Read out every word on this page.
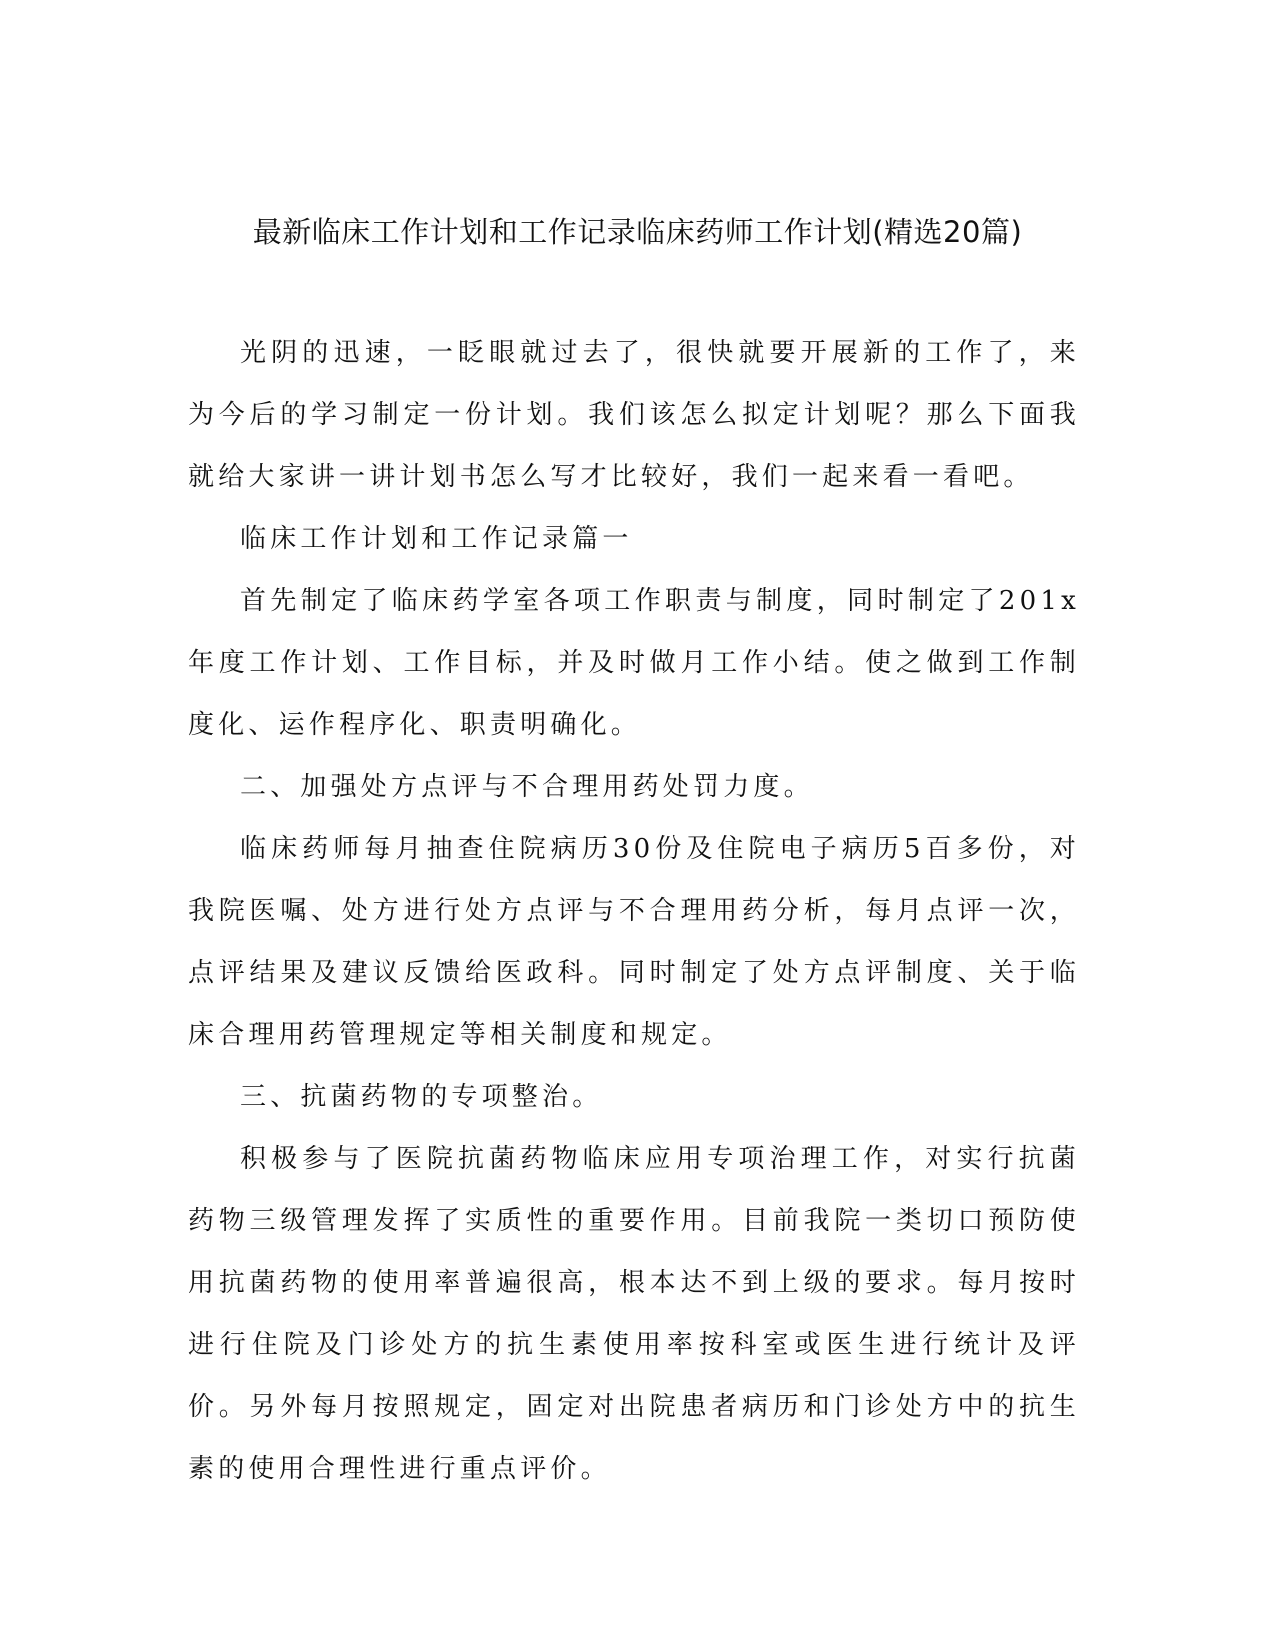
最新临床工作计划和工作记录临床药师工作计划(精选20篇)

光阴的迅速，一眨眼就过去了，很快就要开展新的工作了，来为今后的学习制定一份计划。我们该怎么拟定计划呢？那么下面我就给大家讲一讲计划书怎么写才比较好，我们一起来看一看吧。

临床工作计划和工作记录篇一

首先制定了临床药学室各项工作职责与制度，同时制定了201x年度工作计划、工作目标，并及时做月工作小结。使之做到工作制度化、运作程序化、职责明确化。

二、加强处方点评与不合理用药处罚力度。

临床药师每月抽查住院病历30份及住院电子病历5百多份，对我院医嘱、处方进行处方点评与不合理用药分析，每月点评一次，点评结果及建议反馈给医政科。同时制定了处方点评制度、关于临床合理用药管理规定等相关制度和规定。

三、抗菌药物的专项整治。

积极参与了医院抗菌药物临床应用专项治理工作，对实行抗菌药物三级管理发挥了实质性的重要作用。目前我院一类切口预防使用抗菌药物的使用率普遍很高，根本达不到上级的要求。每月按时进行住院及门诊处方的抗生素使用率按科室或医生进行统计及评价。另外每月按照规定，固定对出院患者病历和门诊处方中的抗生素的使用合理性进行重点评价。
